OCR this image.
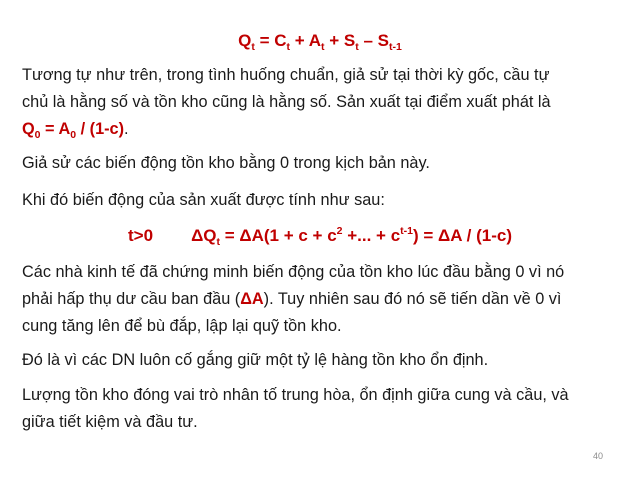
$Q_t = C_t + A_t + S_t - S_{t-1}$
Tương tự như trên, trong tình huống chuẩn, giả sử tại thời kỳ gốc, cầu tự
chủ là hằng số và tồn kho cũng là hằng số. Sản xuất tại điểm xuất phát là
$Q_0 = A_0 / (1-c)$.
Giả sử các biến động tồn kho bằng 0 trong kịch bản này.
Khi đó biến động của sản xuất được tính như sau:
t>0 $\Delta Q_t = \Delta A(1 + c + c^2$ +... + $c^{t-1}) = \Delta A / (1-c)$
Các nhà kinh tế đã chứng minh biến động của tồn kho lúc đầu bằng 0 vì nó
phải hấp thụ dư cầu ban đầu (ΔA). Tuy nhiên sau đó nó sẽ tiến dần về 0 vì
cung tăng lên để bù đắp, lập lại quỹ tồn kho.
Đó là vì các DN luôn cố gắng giữ một tỷ lệ hàng tồn kho ổn định.
Lượng tồn kho đóng vai trò nhân tố trung hòa, ổn định giữa cung và cầu, và
giữa tiết kiệm và đầu tư.
40
